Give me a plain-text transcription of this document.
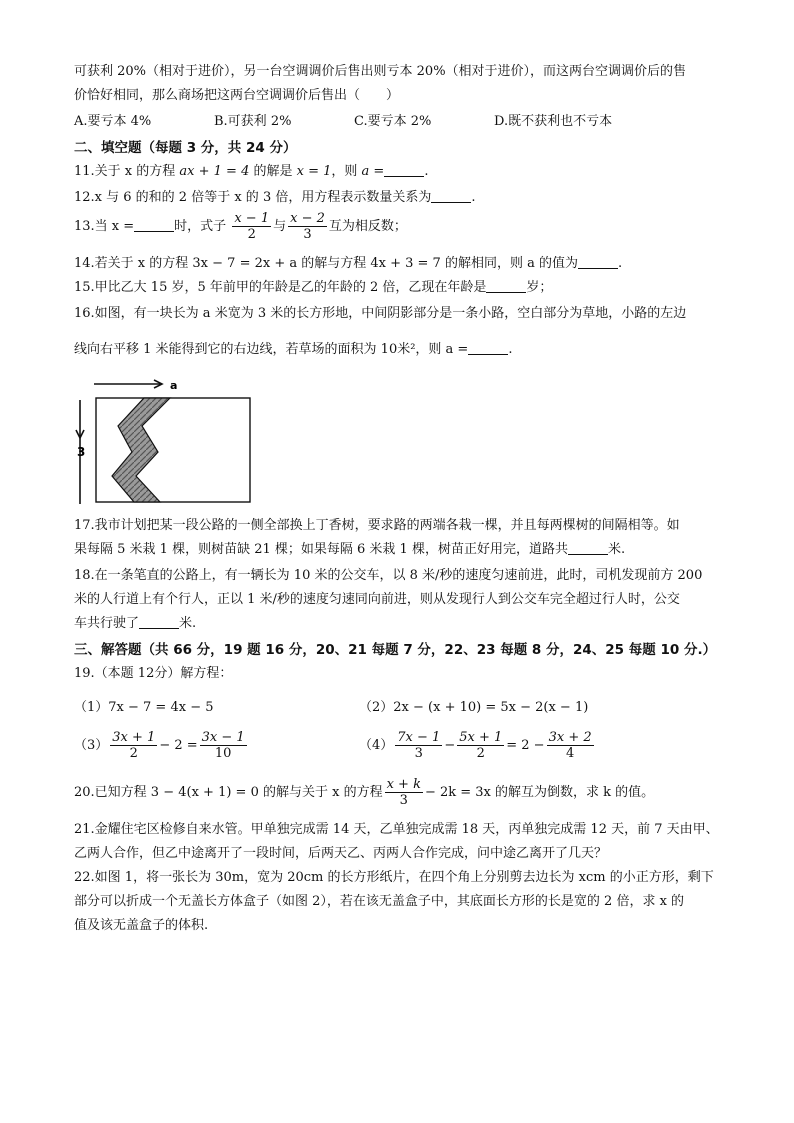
可获利 20%（相对于进价），另一台空调调价后售出则亏本 20%（相对于进价），而这两台空调调价后的售
价恰好相同，那么商场把这两台空调调价后售出（　　）
A.要亏本 4%	B.可获利 2%	C.要亏本 2%	D.既不获利也不亏本
二、填空题（每题 3 分，共 24 分）
11.关于 x 的方程 ax + 1 = 4 的解是 x = 1，则 a =	.
12.x 与 6 的和的 2 倍等于 x 的 3 倍，用方程表示数量关系为	.
13.当 x =	时，式子 $\frac{x - 1}{2}$ 与 $\frac{x - 2}{3}$ 互为相反数；
14.若关于 x 的方程 3x − 7 = 2x + a 的解与方程 4x + 3 = 7 的解相同，则 a 的值为	.
15.甲比乙大 15 岁，5 年前甲的年龄是乙的年龄的 2 倍，乙现在年龄是	岁；
16.如图，有一块长为 a 米宽为 3 米的长方形地，中间阴影部分是一条小路，空白部分为草地，小路的左边
线向右平移 1 米能得到它的右边线，若草场的面积为 10米²，则 a =	.
a
3
17.我市计划把某一段公路的一侧全部换上丁香树，要求路的两端各栽一棵，并且每两棵树的间隔相等。如
果每隔 5 米栽 1 棵，则树苗缺 21 棵；如果每隔 6 米栽 1 棵，树苗正好用完，道路共	米.
18.在一条笔直的公路上，有一辆长为 10 米的公交车，以 8 米/秒的速度匀速前进，此时，司机发现前方 200
米的人行道上有个行人，正以 1 米/秒的速度匀速同向前进，则从发现行人到公交车完全超过行人时，公交
车共行驶了	米.
三、解答题（共 66 分，19 题 16 分，20、21 每题 7 分，22、23 每题 8 分，24、25 每题 10 分.）
19.（本题 12分）解方程：
（1）7x − 7 = 4x − 5	（2）2x − (x + 10) = 5x − 2(x − 1)
$(3) \frac{3x + 1}{2} - 2 = \frac{3x - 1}{10}$	$(4) \frac{7x - 1}{3} - \frac{5x + 1}{2} = 2 - \frac{3x + 2}{4}$
20.已知方程 3 − 4(x + 1) = 0 的解与关于 x 的方程 $\frac{x + k}{3} - 2k = 3x$ 的解互为倒数，求 k 的值。
21.金耀住宅区检修自来水管。甲单独完成需 14 天，乙单独完成需 18 天，丙单独完成需 12 天，前 7 天由甲、
乙两人合作，但乙中途离开了一段时间，后两天乙、丙两人合作完成，问中途乙离开了几天？
22.如图 1，将一张长为 30m，宽为 20cm 的长方形纸片，在四个角上分别剪去边长为 xcm 的小正方形，剩下
部分可以折成一个无盖长方体盒子（如图 2），若在该无盖盒子中，其底面长方形的长是宽的 2 倍，求 x 的
值及该无盖盒子的体积.
